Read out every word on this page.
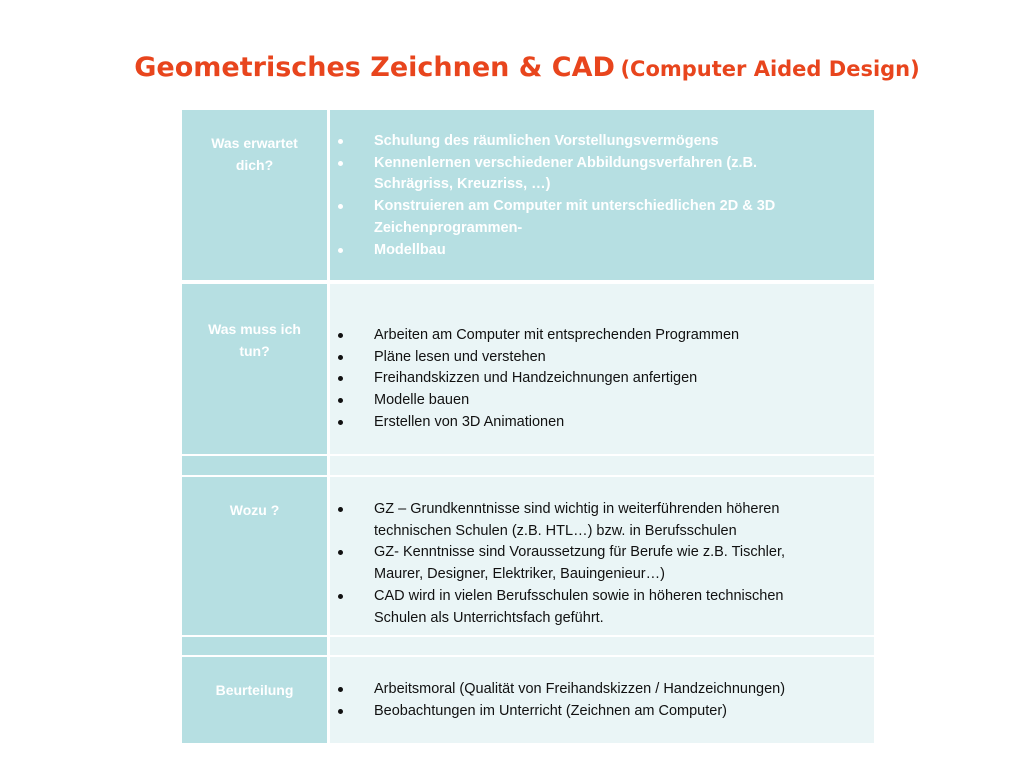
Geometrisches Zeichnen & CAD (Computer Aided Design)
Was erwartet
dich?
Schulung des räumlichen Vorstellungsvermögens
Kennenlernen verschiedener Abbildungsverfahren (z.B.
Schrägriss, Kreuzriss, …)
Konstruieren am Computer mit unterschiedlichen 2D & 3D
Zeichenprogrammen-
Modellbau
Was muss ich
tun?
Arbeiten am Computer mit entsprechenden Programmen
Pläne lesen und verstehen
Freihandskizzen und Handzeichnungen anfertigen
Modelle bauen
Erstellen von 3D Animationen
Wozu ?	GZ – Grundkenntnisse sind wichtig in weiterführenden höheren
technischen Schulen (z.B. HTL…) bzw. in Berufsschulen
GZ- Kenntnisse sind Voraussetzung für Berufe wie z.B. Tischler,
Maurer, Designer, Elektriker, Bauingenieur…)
CAD wird in vielen Berufsschulen sowie in höheren technischen
Schulen als Unterrichtsfach geführt.
Beurteilung	Arbeitsmoral (Qualität von Freihandskizzen / Handzeichnungen)
Beobachtungen im Unterricht (Zeichnen am Computer)
